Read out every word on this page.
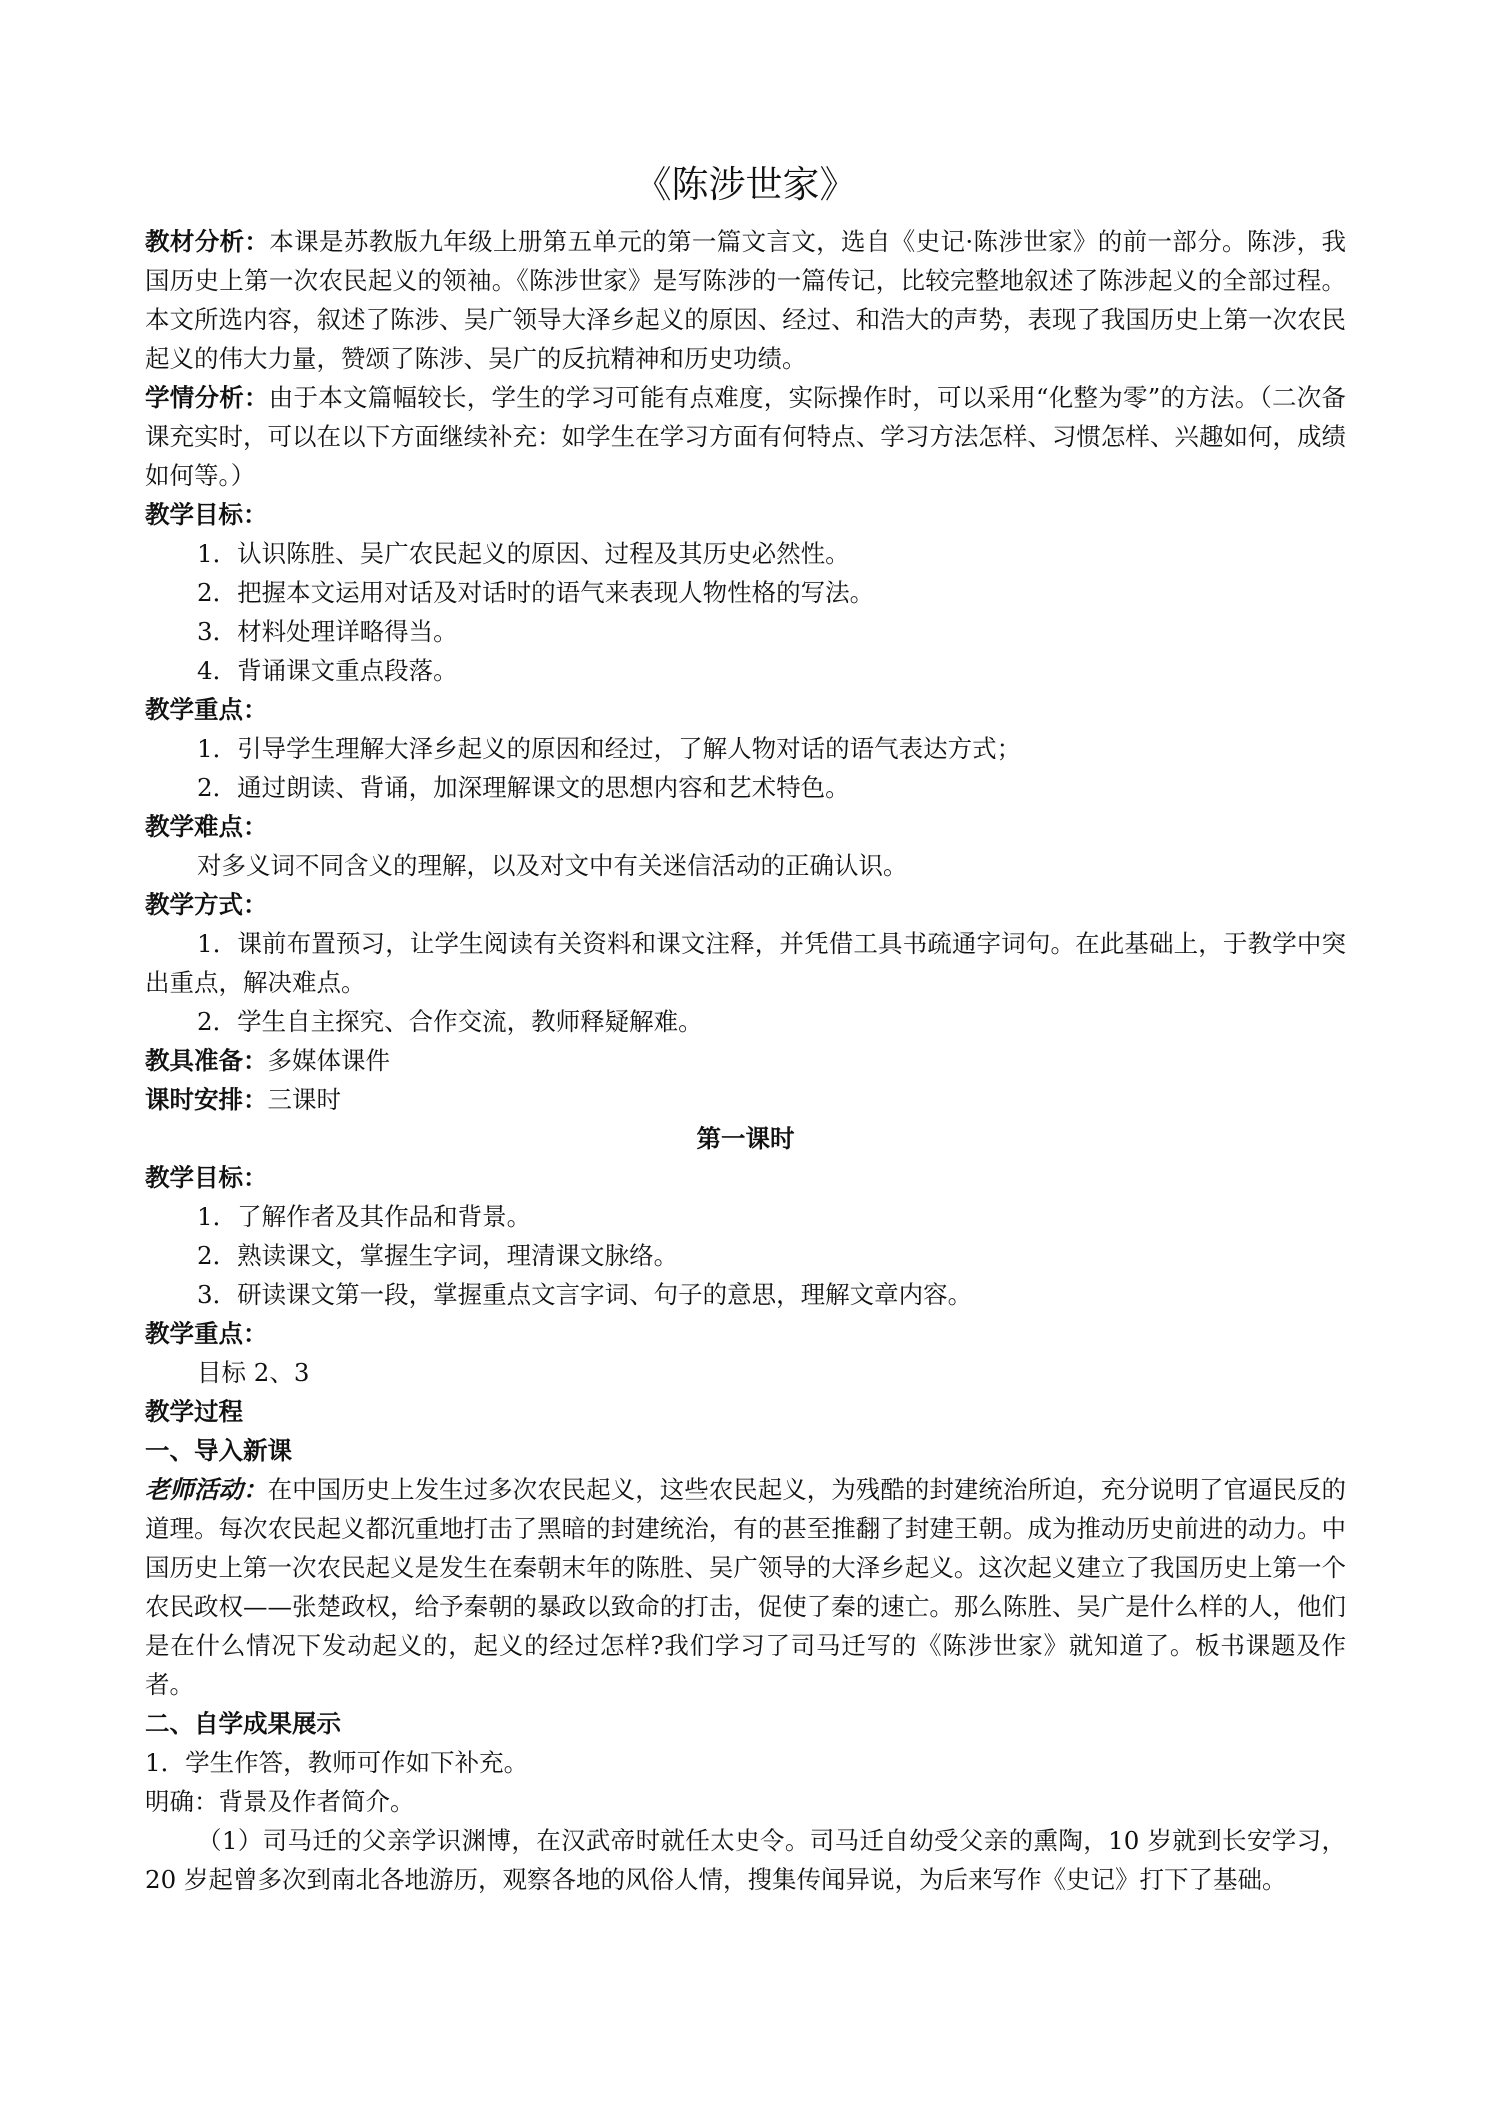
《陈涉世家》

教材分析：本课是苏教版九年级上册第五单元的第一篇文言文，选自《史记·陈涉世家》的前一部分。陈涉，我国历史上第一次农民起义的领袖。《陈涉世家》是写陈涉的一篇传记，比较完整地叙述了陈涉起义的全部过程。本文所选内容，叙述了陈涉、吴广领导大泽乡起义的原因、经过、和浩大的声势，表现了我国历史上第一次农民起义的伟大力量，赞颂了陈涉、吴广的反抗精神和历史功绩。

学情分析：由于本文篇幅较长，学生的学习可能有点难度，实际操作时，可以采用“化整为零”的方法。（二次备课充实时，可以在以下方面继续补充：如学生在学习方面有何特点、学习方法怎样、习惯怎样、兴趣如何，成绩如何等。）

教学目标：

1．认识陈胜、吴广农民起义的原因、过程及其历史必然性。

2．把握本文运用对话及对话时的语气来表现人物性格的写法。

3．材料处理详略得当。

4．背诵课文重点段落。

教学重点：

1．引导学生理解大泽乡起义的原因和经过，了解人物对话的语气表达方式；

2．通过朗读、背诵，加深理解课文的思想内容和艺术特色。

教学难点：

对多义词不同含义的理解，以及对文中有关迷信活动的正确认识。

教学方式：

1．课前布置预习，让学生阅读有关资料和课文注释，并凭借工具书疏通字词句。在此基础上，于教学中突出重点，解决难点。

2．学生自主探究、合作交流，教师释疑解难。

教具准备：多媒体课件

课时安排：三课时

第一课时

教学目标：

1．了解作者及其作品和背景。

2．熟读课文，掌握生字词，理清课文脉络。

3．研读课文第一段，掌握重点文言字词、句子的意思，理解文章内容。

教学重点：

目标 2、3

教学过程

一、导入新课

老师活动：在中国历史上发生过多次农民起义，这些农民起义，为残酷的封建统治所迫，充分说明了官逼民反的道理。每次农民起义都沉重地打击了黑暗的封建统治，有的甚至推翻了封建王朝。成为推动历史前进的动力。中国历史上第一次农民起义是发生在秦朝末年的陈胜、吴广领导的大泽乡起义。这次起义建立了我国历史上第一个农民政权——张楚政权，给予秦朝的暴政以致命的打击，促使了秦的速亡。那么陈胜、吴广是什么样的人，他们是在什么情况下发动起义的，起义的经过怎样?我们学习了司马迁写的《陈涉世家》就知道了。板书课题及作者。

二、自学成果展示

1．学生作答，教师可作如下补充。

明确：背景及作者简介。

（1）司马迁的父亲学识渊博，在汉武帝时就任太史令。司马迁自幼受父亲的熏陶，10 岁就到长安学习，20 岁起曾多次到南北各地游历，观察各地的风俗人情，搜集传闻异说，为后来写作《史记》打下了基础。
